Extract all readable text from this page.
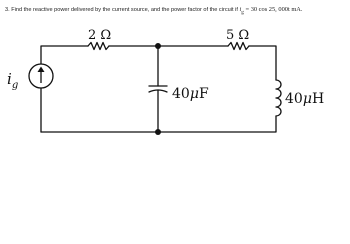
3. Find the reactive power delivered by the current source, and the power factor of the circuit if $i_g = 30$ cos 25, 000t mA.
2 Ω	5 Ω
$i_g$
40μF	40μH
